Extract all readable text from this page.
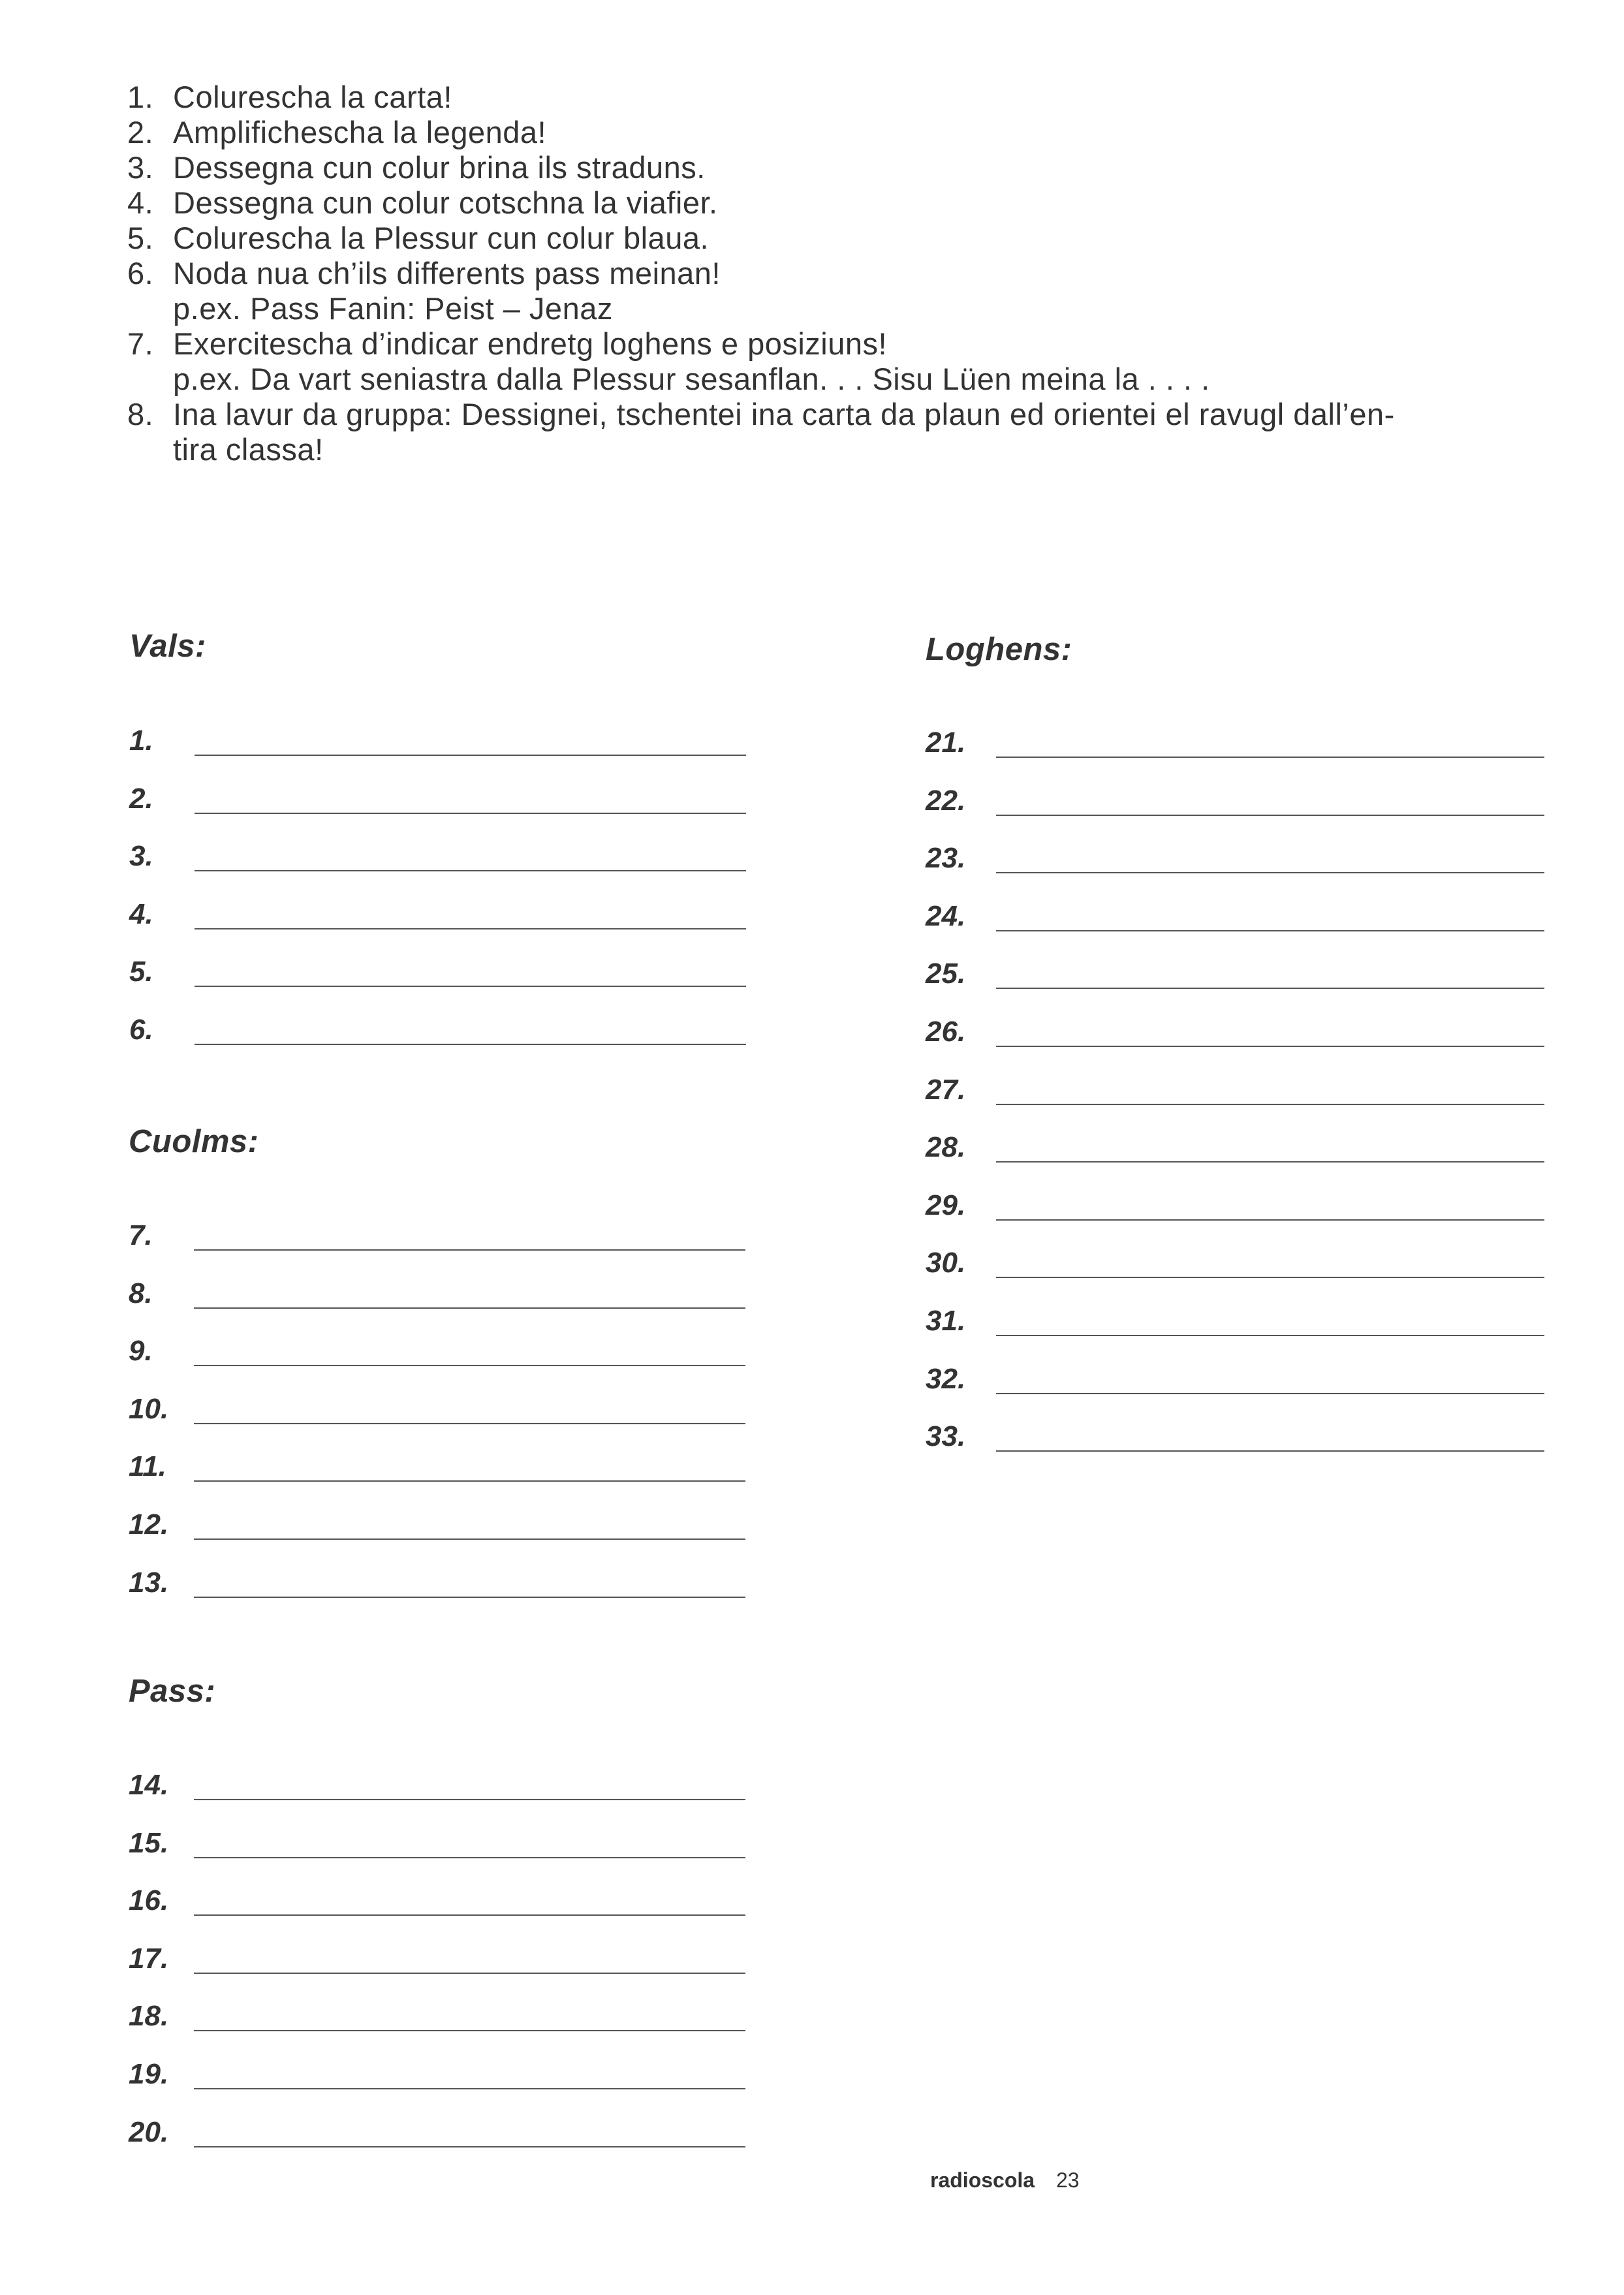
1. Colurescha la carta!
2. Amplifichescha la legenda!
3. Dessegna cun colur brina ils straduns.
4. Dessegna cun colur cotschna la viafier.
5. Colurescha la Plessur cun colur blaua.
6. Noda nua ch’ils differents pass meinan!
p.ex. Pass Fanin: Peist – Jenaz
7. Exercitescha d’indicar endretg loghens e posiziuns!
p.ex. Da vart seniastra dalla Plessur sesanflan. . . Sisu Lüen meina la . . . .
8. Ina lavur da gruppa: Dessignei, tschentei ina carta da plaun ed orientei el ravugl dall’en-
tira classa!
Vals:
1.
2.
3.
4.
5.
6.
Cuolms:
7.
8.
9.
10.
11.
12.
13.
Pass:
14.
15.
16.
17.
18.
19.
20.
Loghens:
21.
22.
23.
24.
25.
26.
27.
28.
29.
30.
31.
32.
33.
radioscola 23
